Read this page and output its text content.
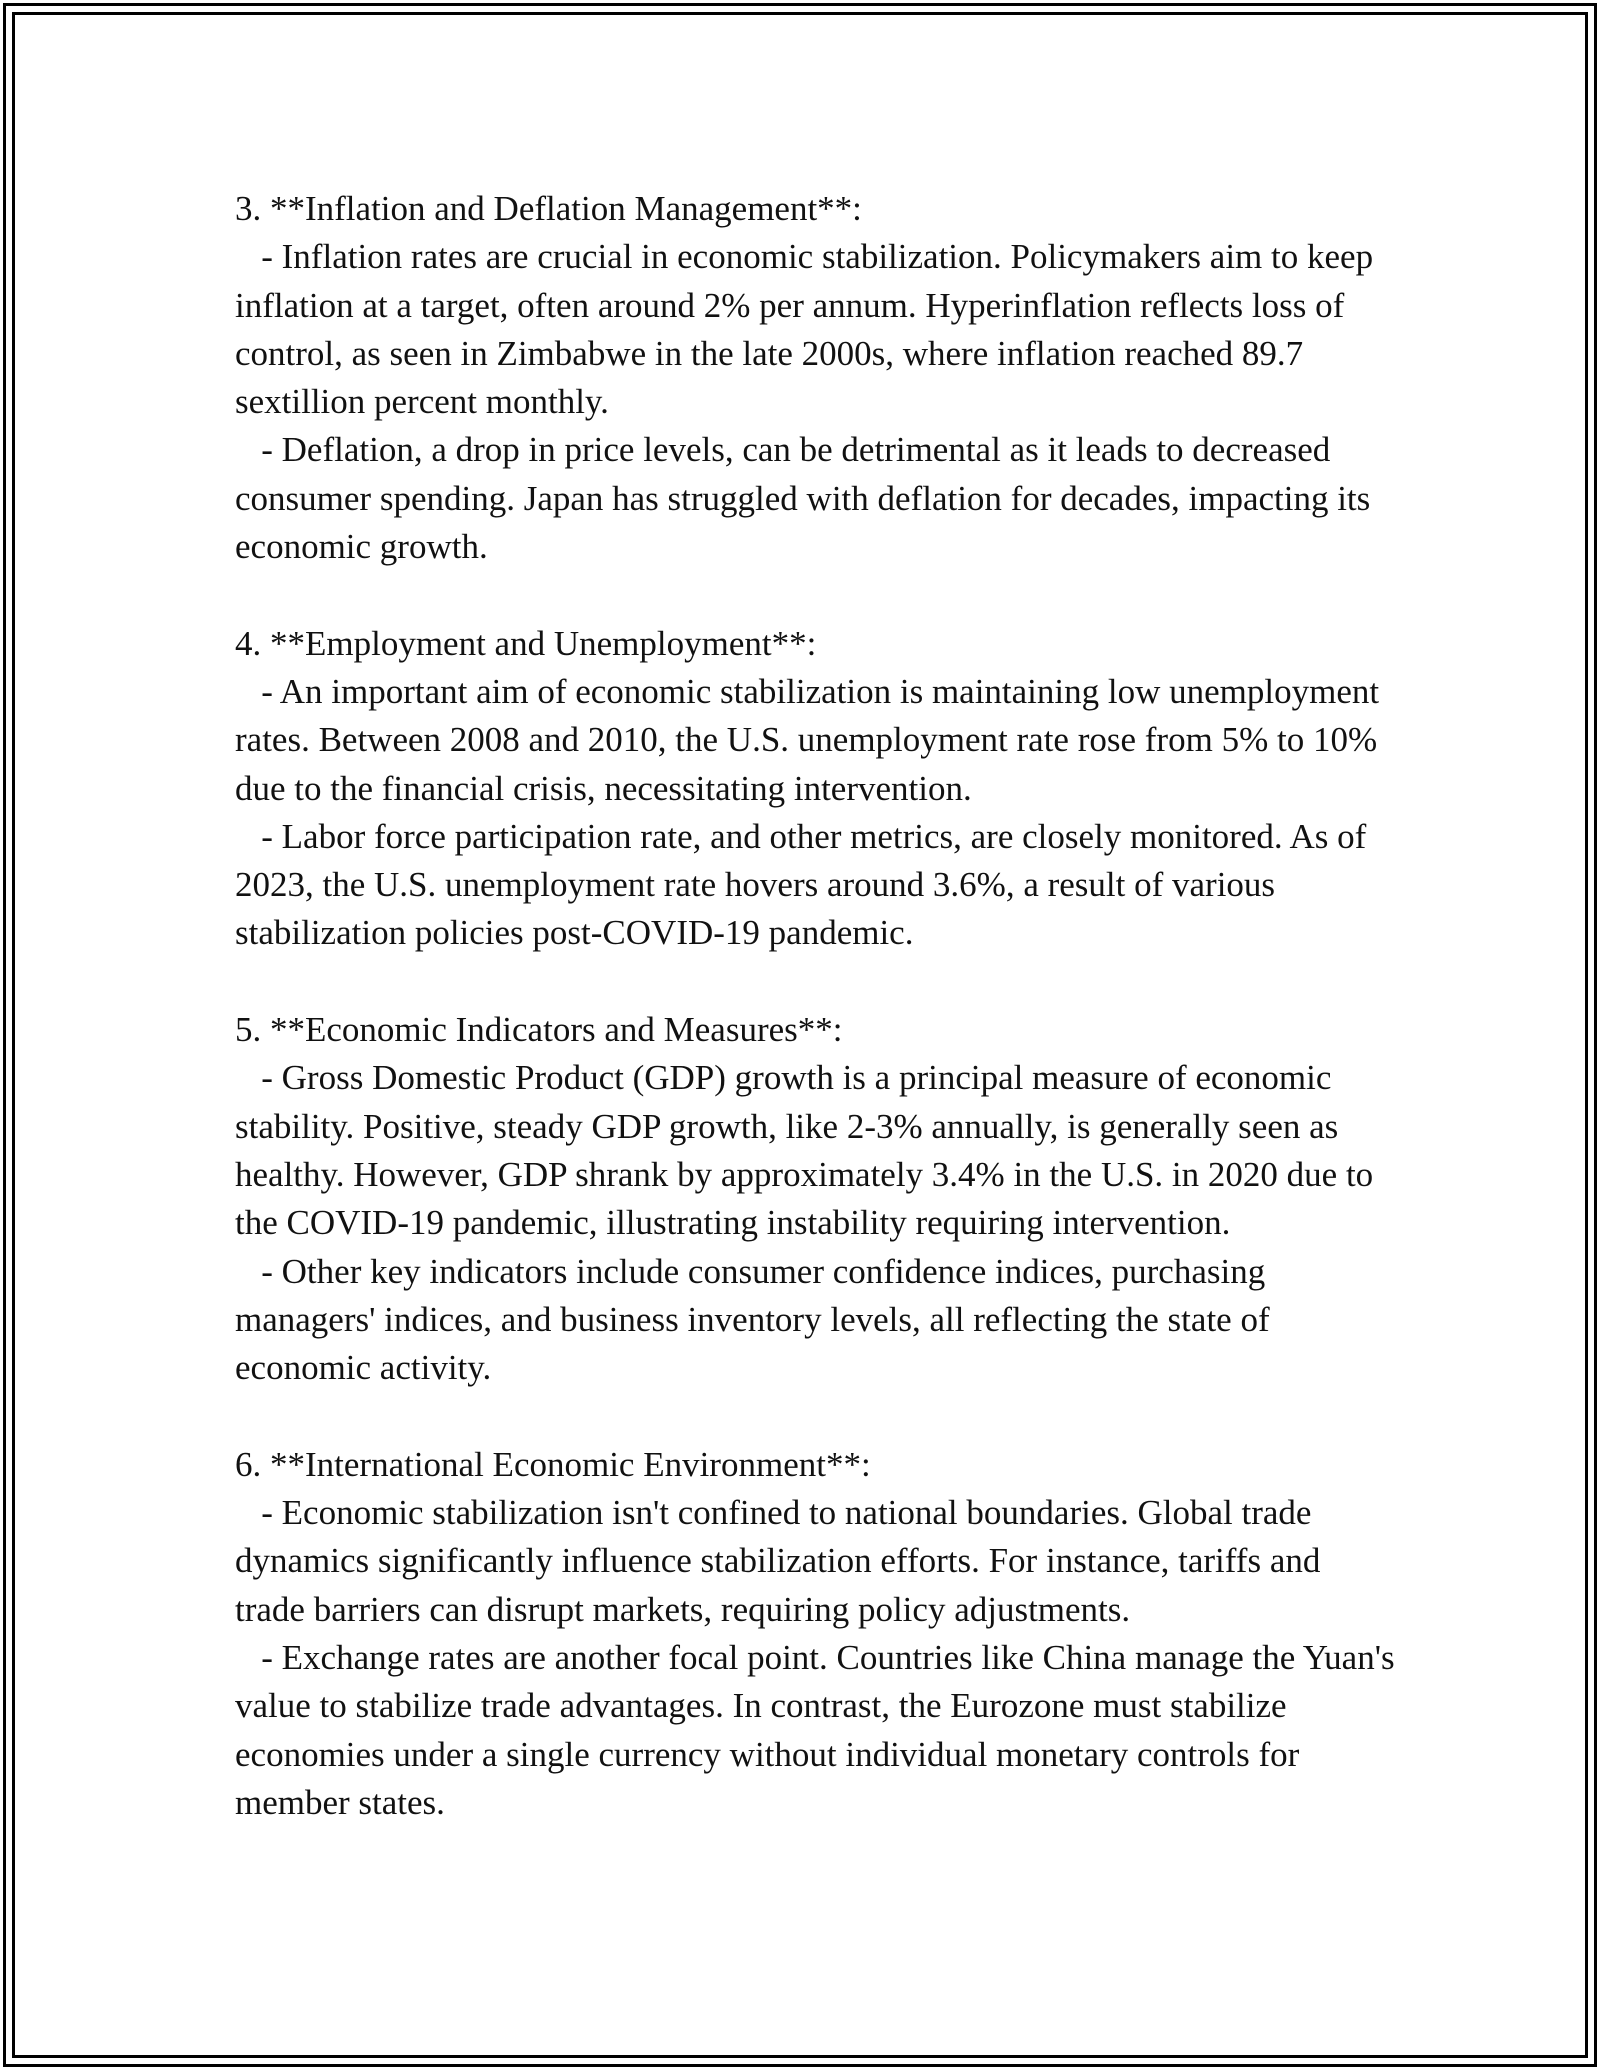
3. **Inflation and Deflation Management**:
- Inflation rates are crucial in economic stabilization. Policymakers aim to keep inflation at a target, often around 2% per annum. Hyperinflation reflects loss of control, as seen in Zimbabwe in the late 2000s, where inflation reached 89.7 sextillion percent monthly.
- Deflation, a drop in price levels, can be detrimental as it leads to decreased consumer spending. Japan has struggled with deflation for decades, impacting its economic growth.
4. **Employment and Unemployment**:
- An important aim of economic stabilization is maintaining low unemployment rates. Between 2008 and 2010, the U.S. unemployment rate rose from 5% to 10% due to the financial crisis, necessitating intervention.
- Labor force participation rate, and other metrics, are closely monitored. As of 2023, the U.S. unemployment rate hovers around 3.6%, a result of various stabilization policies post-COVID-19 pandemic.
5. **Economic Indicators and Measures**:
- Gross Domestic Product (GDP) growth is a principal measure of economic stability. Positive, steady GDP growth, like 2-3% annually, is generally seen as healthy. However, GDP shrank by approximately 3.4% in the U.S. in 2020 due to the COVID-19 pandemic, illustrating instability requiring intervention.
- Other key indicators include consumer confidence indices, purchasing managers' indices, and business inventory levels, all reflecting the state of economic activity.
6. **International Economic Environment**:
- Economic stabilization isn't confined to national boundaries. Global trade dynamics significantly influence stabilization efforts. For instance, tariffs and trade barriers can disrupt markets, requiring policy adjustments.
- Exchange rates are another focal point. Countries like China manage the Yuan's value to stabilize trade advantages. In contrast, the Eurozone must stabilize economies under a single currency without individual monetary controls for member states.
